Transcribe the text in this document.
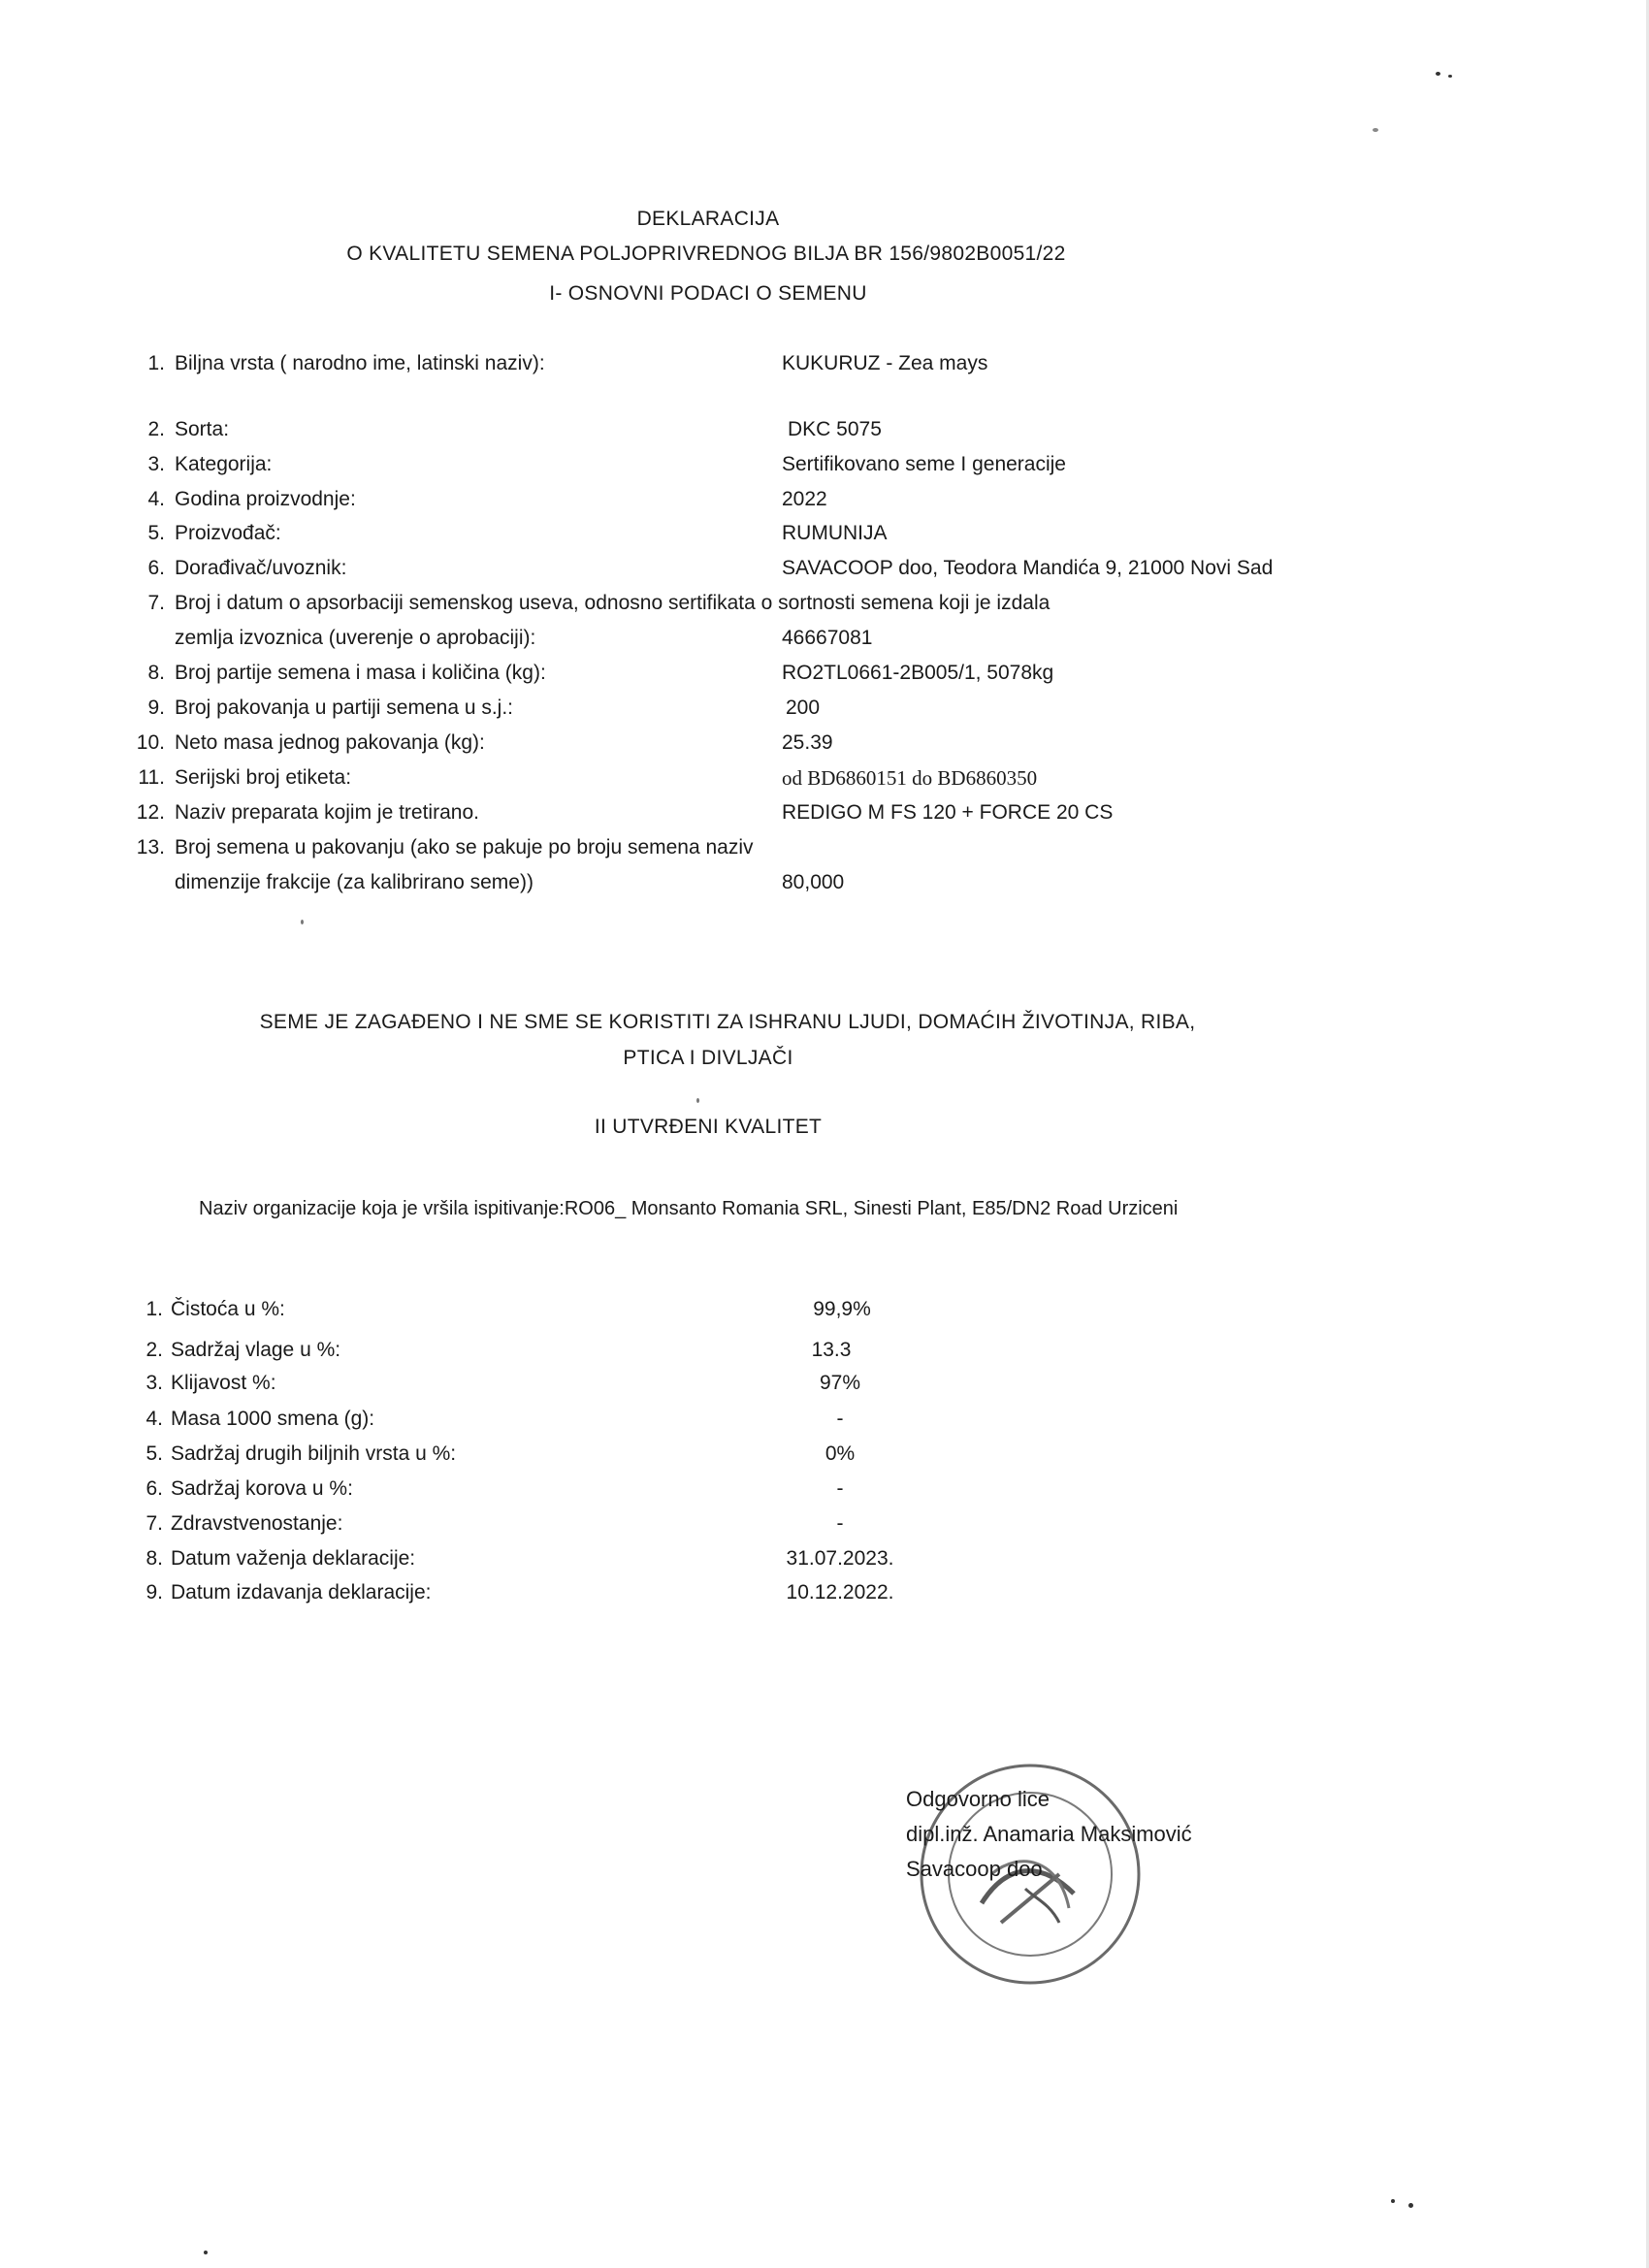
DEKLARACIJA
O KVALITETU SEMENA POLJOPRIVREDNOG BILJA BR 156/9802B0051/22
I- OSNOVNI PODACI O SEMENU
1. Biljna vrsta ( narodno ime, latinski naziv):	KUKURUZ - Zea mays
2. Sorta:	DKC 5075
3. Kategorija:	Sertifikovano seme I generacije
4. Godina proizvodnje:	2022
5. Proizvođač:	RUMUNIJA
6. Dorađivač/uvoznik:	SAVACOOP doo, Teodora Mandića 9, 21000 Novi Sad
7. Broj i datum o apsorbaciji semenskog useva, odnosno sertifikata o sortnosti semena koji je izdala
zemlja izvoznica (uverenje o aprobaciji):	46667081
8. Broj partije semena i masa i količina (kg):	RO2TL0661-2B005/1, 5078kg
9. Broj pakovanja u partiji semena u s.j.:	200
10. Neto masa jednog pakovanja (kg):	25.39
11. Serijski broj etiketa:	od BD6860151 do BD6860350
12. Naziv preparata kojim je tretirano.	REDIGO M FS 120 + FORCE 20 CS
13. Broj semena u pakovanju (ako se pakuje po broju semena naziv
dimenzije frakcije (za kalibrirano seme))	80,000
SEME JE ZAGAĐENO I NE SME SE KORISTITI ZA ISHRANU LJUDI, DOMAĆIH ŽIVOTINJA, RIBA,
PTICA I DIVLJAČI
II UTVRĐENI KVALITET
Naziv organizacije koja je vršila ispitivanje:RO06_ Monsanto Romania SRL, Sinesti Plant, E85/DN2 Road Urziceni
1. Čistoća u %:	99,9%
2. Sadržaj vlage u %:	13.3
3. Klijavost %:	97%
4. Masa 1000 smena (g):	-
5. Sadržaj drugih biljnih vrsta u %:	0%
6. Sadržaj korova u %:	-
7. Zdravstvenostanje:	-
8. Datum važenja deklaracije:	31.07.2023.
9. Datum izdavanja deklaracije:	10.12.2022.
Odgovorno lice
dipl.inž. Anamaria Maksimović
Savacoop doo
